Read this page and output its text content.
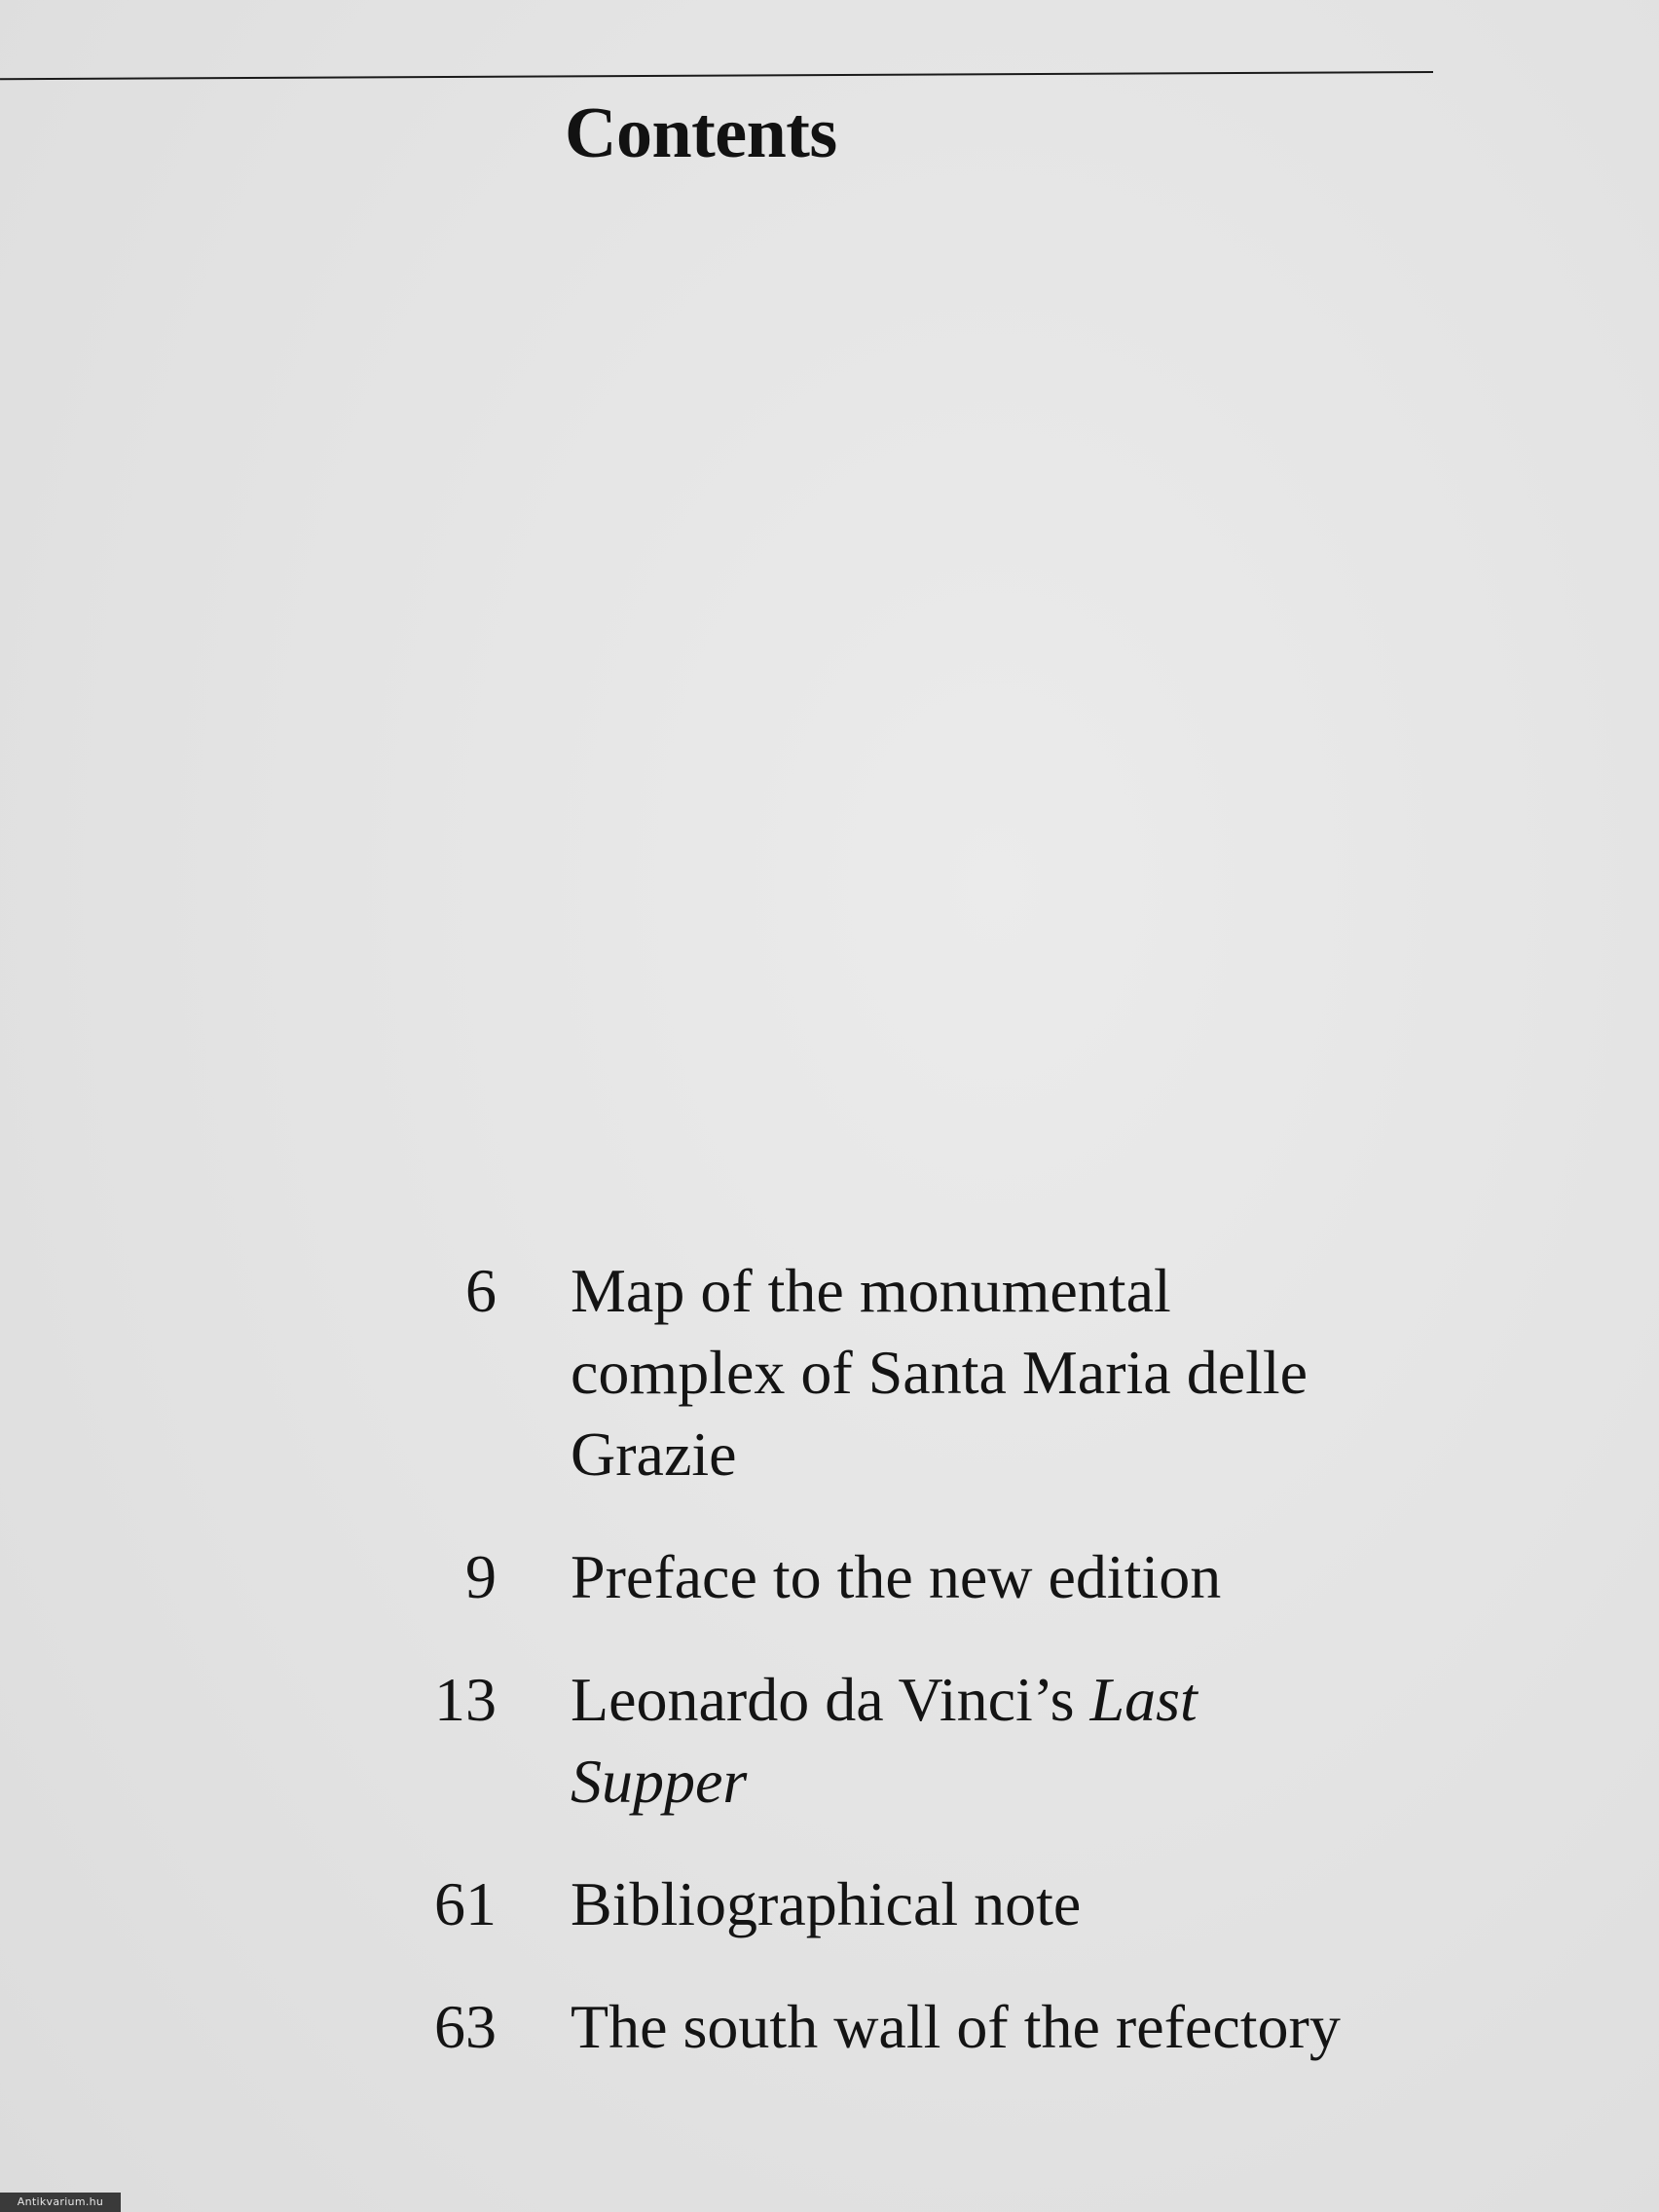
Contents
6 Map of the monumental complex of Santa Maria delle Grazie
9 Preface to the new edition
13 Leonardo da Vinci’s Last Supper
61 Bibliographical note
63 The south wall of the refectory
Antikvarium.hu
